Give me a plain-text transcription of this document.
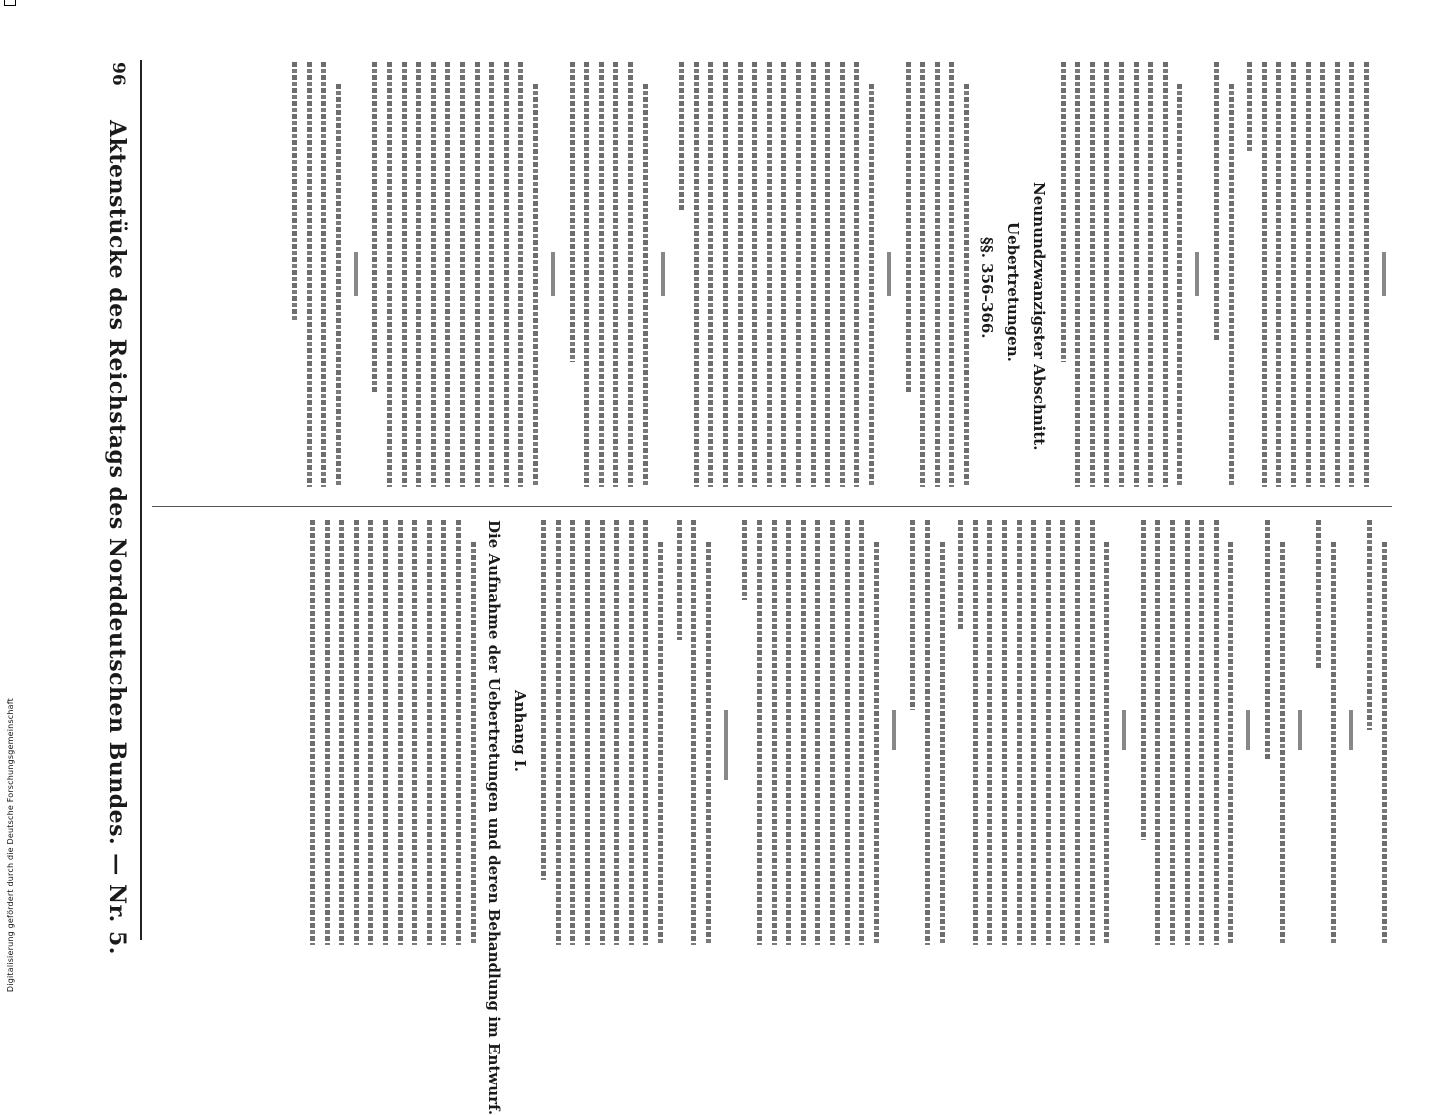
96
Aktenstücke des Reichstags des Norddeutschen Bundes. — Nr. 5.	Neunundzwanzigster Abschnitt.
Uebertretungen.
§§. 356–366.
Anhang I.
Die Aufnahme der Uebertretungen und deren Behandlung im Entwurf.
Digitalisierung gefördert durch die Deutsche Forschungsgemeinschaft
